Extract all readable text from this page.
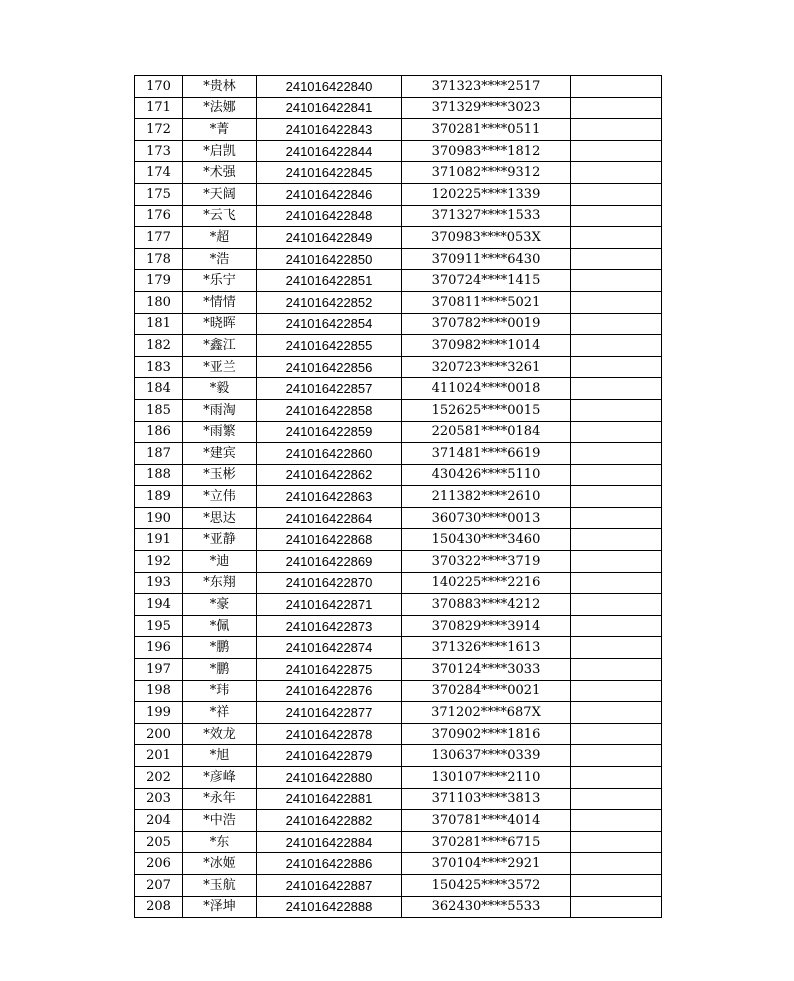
170	*贵林	241016422840	371323****2517	
171	*法娜	241016422841	371329****3023	
172	*菁	241016422843	370281****0511	
173	*启凯	241016422844	370983****1812	
174	*术强	241016422845	371082****9312	
175	*天阔	241016422846	120225****1339	
176	*云飞	241016422848	371327****1533	
177	*超	241016422849	370983****053X	
178	*浩	241016422850	370911****6430	
179	*乐宁	241016422851	370724****1415	
180	*情情	241016422852	370811****5021	
181	*晓晖	241016422854	370782****0019	
182	*鑫江	241016422855	370982****1014	
183	*亚兰	241016422856	320723****3261	
184	*毅	241016422857	411024****0018	
185	*雨淘	241016422858	152625****0015	
186	*雨繁	241016422859	220581****0184	
187	*建宾	241016422860	371481****6619	
188	*玉彬	241016422862	430426****5110	
189	*立伟	241016422863	211382****2610	
190	*思达	241016422864	360730****0013	
191	*亚静	241016422868	150430****3460	
192	*迪	241016422869	370322****3719	
193	*东翔	241016422870	140225****2216	
194	*豪	241016422871	370883****4212	
195	*佩	241016422873	370829****3914	
196	*鹏	241016422874	371326****1613	
197	*鹏	241016422875	370124****3033	
198	*玮	241016422876	370284****0021	
199	*祥	241016422877	371202****687X	
200	*效龙	241016422878	370902****1816	
201	*旭	241016422879	130637****0339	
202	*彦峰	241016422880	130107****2110	
203	*永年	241016422881	371103****3813	
204	*中浩	241016422882	370781****4014	
205	*东	241016422884	370281****6715	
206	*冰姬	241016422886	370104****2921	
207	*玉航	241016422887	150425****3572	
208	*泽坤	241016422888	362430****5533	
